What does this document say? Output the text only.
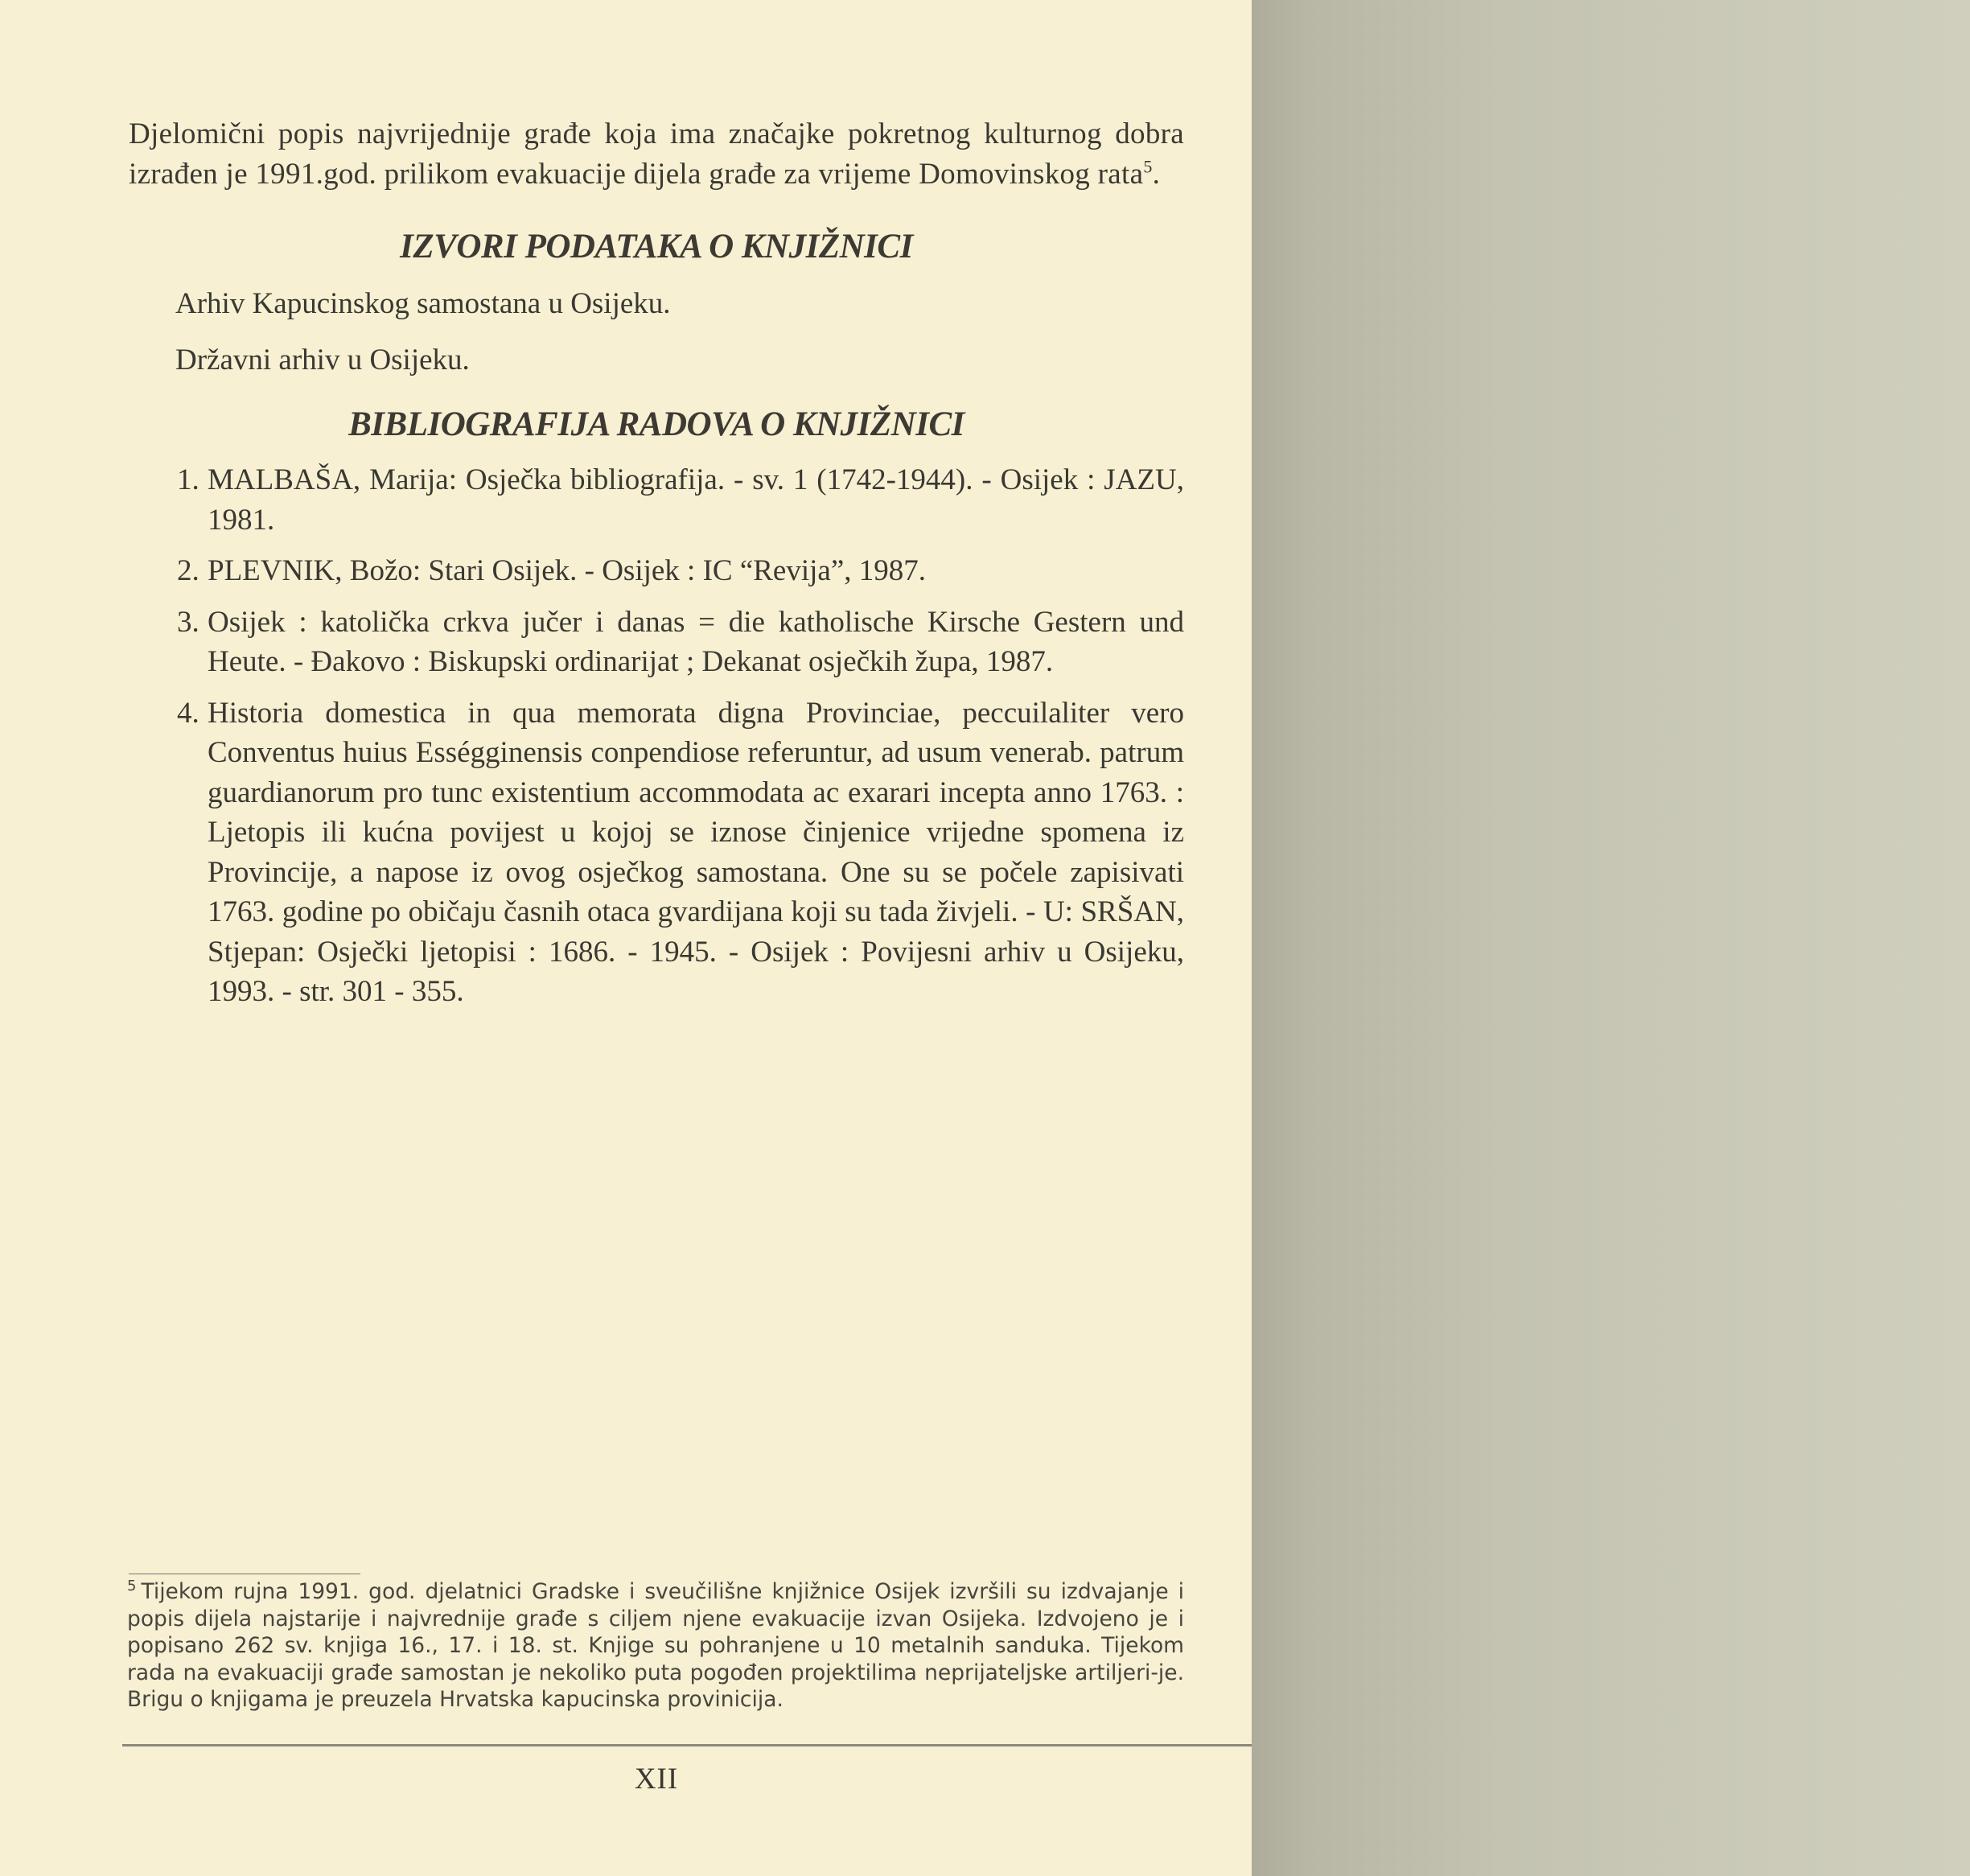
Djelomični popis najvrijednije građe koja ima značajke pokretnog kulturnog dobra izrađen je 1991.god. prilikom evakuacije dijela građe za vrijeme Domovinskog rata$^5$.

IZVORI PODATAKA O KNJIŽNICI
Arhiv Kapucinskog samostana u Osijeku.
Državni arhiv u Osijeku.
BIBLIOGRAFIJA RADOVA O KNJIŽNICI
1. MALBAŠA, Marija: Osječka bibliografija. - sv. 1 (1742-1944). - Osijek : JAZU, 1981.
2. PLEVNIK, Božo: Stari Osijek. - Osijek : IC “Revija”, 1987.
3. Osijek : katolička crkva jučer i danas = die katholische Kirsche Gestern und Heute. - Đakovo : Biskupski ordinarijat ; Dekanat osječkih župa, 1987.
4. Historia domestica in qua memorata digna Provinciae, peccuilaliter vero Conventus huius Ességginensis conpendiose referuntur, ad usum venerab. patrum guardianorum pro tunc existentium accommodata ac exarari incepta anno 1763. : Ljetopis ili kućna povijest u kojoj se iznose činjenice vrijedne spomena iz Provincije, a napose iz ovog osječkog samostana. One su se počele zapisivati 1763. godine po običaju časnih otaca gvardijana koji su tada živjeli. - U: SRŠAN, Stjepan: Osječki ljetopisi : 1686. - 1945. - Osijek : Povijesni arhiv u Osijeku, 1993. - str. 301 - 355.
$^5$ Tijekom rujna 1991. god. djelatnici Gradske i sveučilišne knjižnice Osijek izvršili su izdvajanje i popis dijela najstarije i najvrednije građe s ciljem njene evakuacije izvan Osijeka. Izdvojeno je i popisano 262 sv. knjiga 16., 17. i 18. st. Knjige su pohranjene u 10 metalnih sanduka. Tijekom rada na evakuaciji građe samostan je nekoliko puta pogođen projektilima neprijateljske artiljeri-je. Brigu o knjigama je preuzela Hrvatska kapucinska provinicija.
XII
